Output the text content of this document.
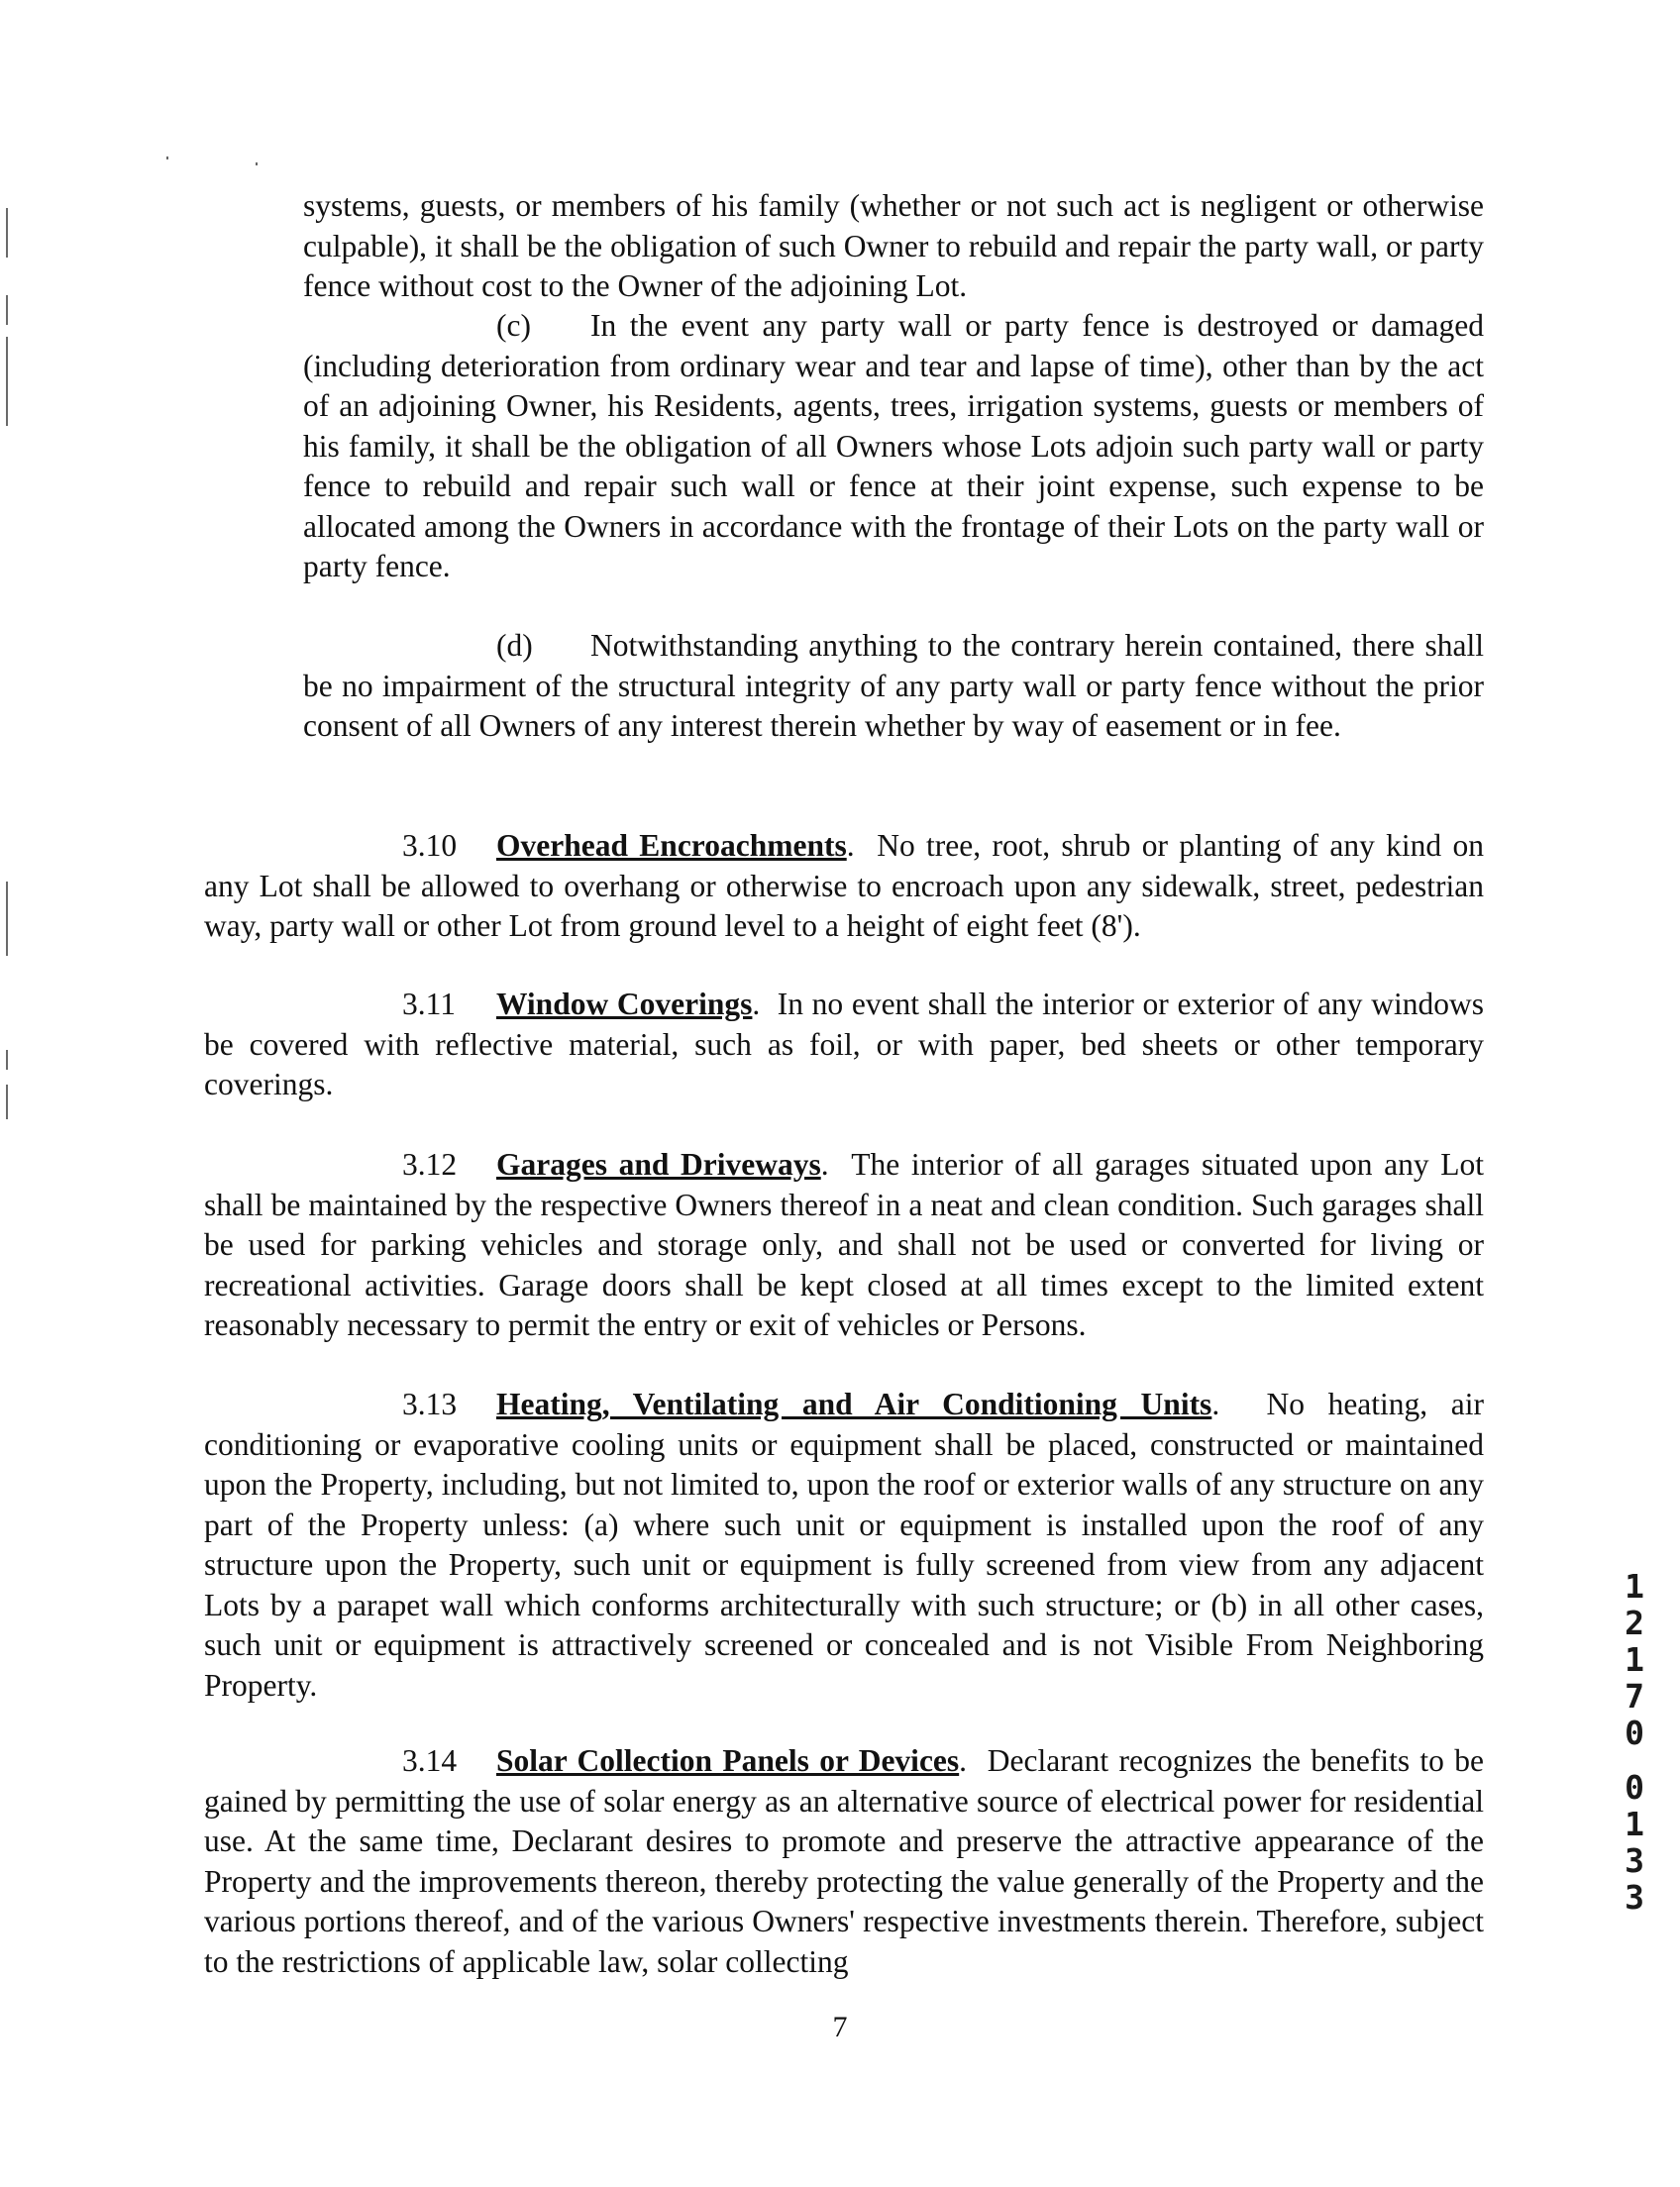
systems, guests, or members of his family (whether or not such act is negligent or otherwise culpable), it shall be the obligation of such Owner to rebuild and repair the party wall, or party fence without cost to the Owner of the adjoining Lot.

(c) In the event any party wall or party fence is destroyed or damaged (including deterioration from ordinary wear and tear and lapse of time), other than by the act of an adjoining Owner, his Residents, agents, trees, irrigation systems, guests or members of his family, it shall be the obligation of all Owners whose Lots adjoin such party wall or party fence to rebuild and repair such wall or fence at their joint expense, such expense to be allocated among the Owners in accordance with the frontage of their Lots on the party wall or party fence.

(d) Notwithstanding anything to the contrary herein contained, there shall be no impairment of the structural integrity of any party wall or party fence without the prior consent of all Owners of any interest therein whether by way of easement or in fee.

3.10 Overhead Encroachments. No tree, root, shrub or planting of any kind on any Lot shall be allowed to overhang or otherwise to encroach upon any sidewalk, street, pedestrian way, party wall or other Lot from ground level to a height of eight feet (8').

3.11 Window Coverings. In no event shall the interior or exterior of any windows be covered with reflective material, such as foil, or with paper, bed sheets or other temporary coverings.

3.12 Garages and Driveways. The interior of all garages situated upon any Lot shall be maintained by the respective Owners thereof in a neat and clean condition. Such garages shall be used for parking vehicles and storage only, and shall not be used or converted for living or recreational activities. Garage doors shall be kept closed at all times except to the limited extent reasonably necessary to permit the entry or exit of vehicles or Persons.

3.13 Heating, Ventilating and Air Conditioning Units. No heating, air conditioning or evaporative cooling units or equipment shall be placed, constructed or maintained upon the Property, including, but not limited to, upon the roof or exterior walls of any structure on any part of the Property unless: (a) where such unit or equipment is installed upon the roof of any structure upon the Property, such unit or equipment is fully screened from view from any adjacent Lots by a parapet wall which conforms architecturally with such structure; or (b) in all other cases, such unit or equipment is attractively screened or concealed and is not Visible From Neighboring Property.

3.14 Solar Collection Panels or Devices. Declarant recognizes the benefits to be gained by permitting the use of solar energy as an alternative source of electrical power for residential use. At the same time, Declarant desires to promote and preserve the attractive appearance of the Property and the improvements thereon, thereby protecting the value generally of the Property and the various portions thereof, and of the various Owners' respective investments therein. Therefore, subject to the restrictions of applicable law, solar collecting

7
1
2
1
7
0
0
1
3
3
